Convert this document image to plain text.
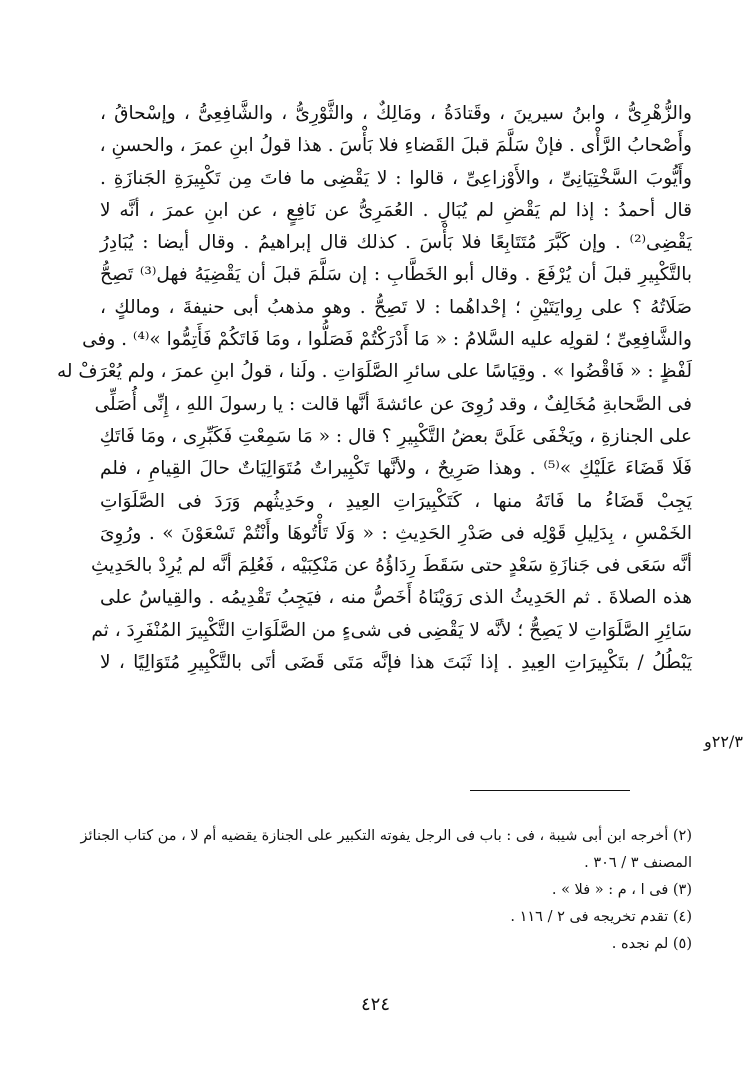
والزُّهْرِىُّ ، وابنُ سيرينَ ، وقَتادَةُ ، ومَالِكٌ ، والثَّوْرِىُّ ، والشَّافِعِىُّ ، وإسْحاقُ ،
وأَصْحابُ الرَّأْى . فإنْ سَلَّمَ قبلَ القَضاءِ فلا بَأْسَ . هذا قولُ ابنِ عمرَ ، والحسنِ ،
وأَيُّوبَ السَّخْتِيَانِىِّ ، والأَوْزاعِىِّ ، قالوا : لا يَقْضِى ما فاتَ مِن تَكْبِيرَةِ الجَنازَةِ .
قال أحمدُ : إذا لم يَقْضِ لم يُبَالِ . العُمَرِىُّ عن نَافِعٍ ، عن ابنِ عمرَ ، أنَّه لا
يَقْضِى⁽²⁾ . وإن كَبَّرَ مُتَتَابِعًا فلا بَأْسَ . كذلك قال إبراهيمُ . وقال أيضا : يُبَادِرُ
بالتَّكْبِيرِ قبلَ أن يُرْفَعَ . وقال أبو الخَطَّابِ : إن سَلَّمَ قبلَ أن يَقْضِيَهُ فهل⁽³⁾ تَصِحُّ
صَلَاتُهُ ؟ على رِوايَتَيْنِ ؛ إحْداهُما : لا تَصِحُّ . وهو مذهبُ أبى حنيفةَ ، ومالكٍ ،
والشَّافِعِىِّ ؛ لقولِه عليه السَّلامُ : « مَا أَدْرَكْتُمْ فَصَلُّوا ، ومَا فَاتَكُمْ فَأَتِمُّوا »⁽⁴⁾ . وفى
لَفْظٍ : « فَاقْضُوا » . وقِيَاسًا على سائرِ الصَّلَوَاتِ . ولَنا ، قولُ ابنِ عمرَ ، ولم يُعْرَفْ له
فى الصَّحابةِ مُخَالِفٌ ، وقد رُوِىَ عن عائشةَ أنَّها قالت : يا رسولَ اللهِ ، إِنِّى أُصَلِّى
على الجنازةِ ، ويَخْفَى عَلَىَّ بعضُ التَّكْبِيرِ ؟ قال : « مَا سَمِعْتِ فَكَبِّرِى ، ومَا فَاتَكِ
فَلَا قَضَاءَ عَلَيْكِ »⁽⁵⁾ . وهذا صَرِيحٌ ، ولأنَّها تَكْبِيراتٌ مُتَوَالِيَاتٌ حالَ القِيامِ ، فلم
يَجِبْ قَضَاءُ ما فَاتَهُ منها ، كَتَكْبِيرَاتِ العِيدِ ، وحَدِيثُهم وَرَدَ فى الصَّلَوَاتِ
الخَمْسِ ، بِدَلِيلِ قَوْلِه فى صَدْرِ الحَدِيثِ : « وَلَا تَأْتُوهَا وأَنْتُمْ تَسْعَوْنَ » . ورُوِىَ
أنَّه سَعَى فى جَنازَةِ سَعْدٍ حتى سَقَطَ رِدَاؤُهُ عن مَنْكِبَيْه ، فَعُلِمَ أنَّه لم يُرِدْ بالحَدِيثِ
هذه الصلاةَ . ثم الحَدِيثُ الذى رَوَيْنَاهُ أَخَصُّ منه ، فيَجِبُ تَقْدِيمُه . والقِياسُ على
سَائِرِ الصَّلَوَاتِ لا يَصِحُّ ؛ لأنَّه لا يَقْضِى فى شىءٍ من الصَّلَوَاتِ التَّكْبِيرَ المُنْفَرِدَ ، ثم
يَبْطُلُ / بتَكْبِيرَاتِ العِيدِ . إذا ثَبَتَ هذا فإنَّه مَتَى قَضَى أتَى بالتَّكْبِيرِ مُتَوَالِيًا ، لا
٢٢/٣و
(٢) أخرجه ابن أبى شيبة ، فى : باب فى الرجل يفوته التكبير على الجنازة يقضيه أم لا ، من كتاب الجنائز
المصنف ٣ / ٣٠٦ .
(٣) فى ا ، م : « فلا » .
(٤) تقدم تخريجه فى ٢ / ١١٦ .
(٥) لم نجده .
٤٢٤
